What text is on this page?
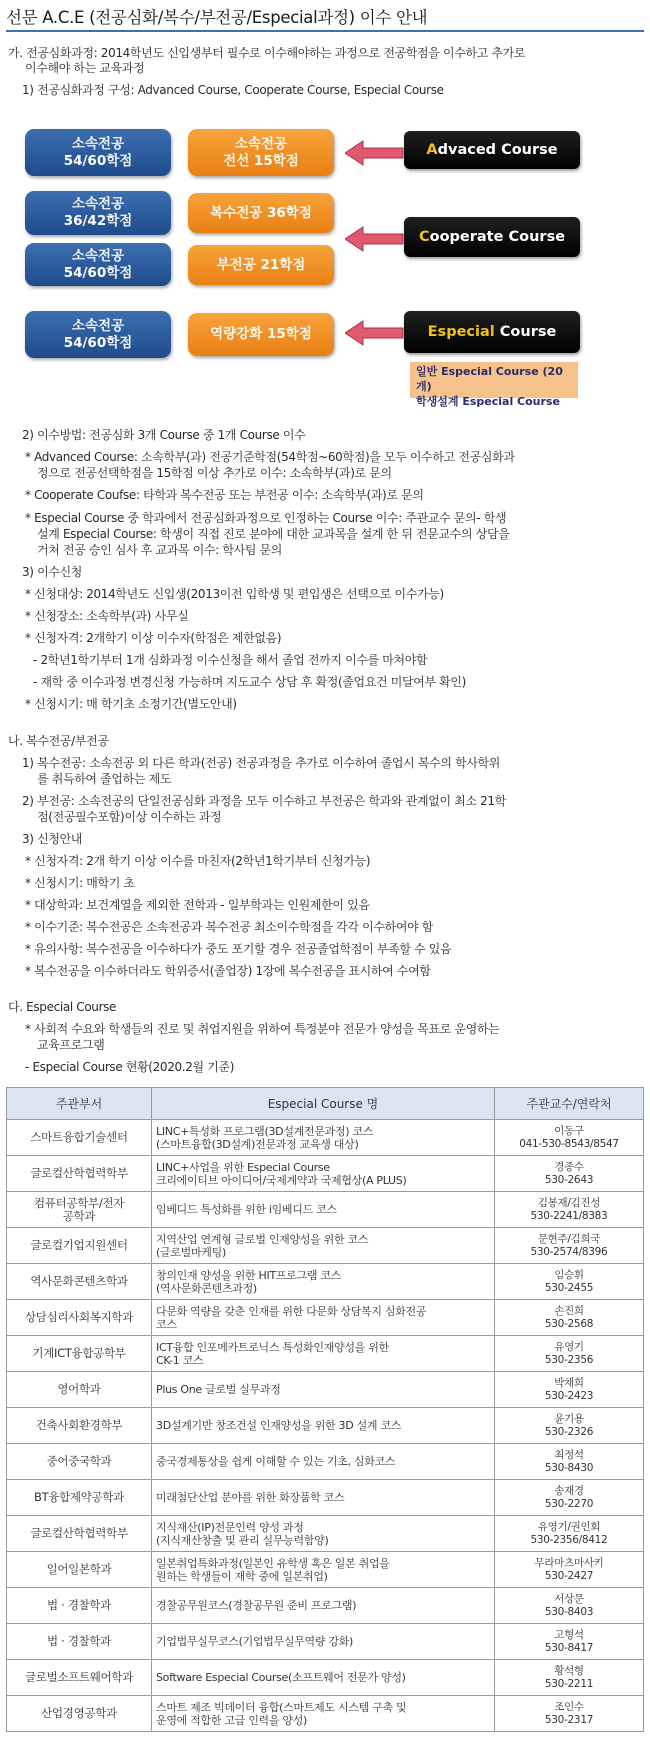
선문 A.C.E (전공심화/복수/부전공/Especial과정) 이수 안내
가. 전공심화과정: 2014학년도 신입생부터 필수로 이수해야하는 과정으로 전공학점을 이수하고 추가로
이수해야 하는 교육과정
1) 전공심화과정 구성: Advanced Course, Cooperate Course, Especial Course
소속전공
54/60학점
소속전공
전선 15학점
Advaced Course
소속전공
36/42학점
복수전공 36학점
소속전공
54/60학점	부전공 21학점
Cooperate Course
소속전공
54/60학점
역량강화 15학점	Especial Course
일반 Especial Course (20개)
학생설계 Especial Course
2) 이수방법: 전공심화 3개 Course 중 1개 Course 이수
* Advanced Course: 소속학부(과) 전공기준학점(54학점~60학점)을 모두 이수하고 전공심화과
정으로 전공선택학점을 15학점 이상 추가로 이수: 소속학부(과)로 문의
* Cooperate Coufse: 타학과 복수전공 또는 부전공 이수: 소속학부(과)로 문의
* Especial Course 중 학과에서 전공심화과정으로 인정하는 Course 이수: 주관교수 문의- 학생
설계 Especial Course: 학생이 직접 진로 분야에 대한 교과목을 설계 한 뒤 전문교수의 상담을
거쳐 전공 승인 심사 후 교과목 이수: 학사팀 문의
3) 이수신청
* 신청대상: 2014학년도 신입생(2013이전 입학생 및 편입생은 선택으로 이수가능)
* 신청장소: 소속학부(과) 사무실
* 신청자격: 2개학기 이상 이수자(학점은 제한없음)
- 2학년1학기부터 1개 심화과정 이수신청을 해서 졸업 전까지 이수를 마쳐야함
- 재학 중 이수과정 변경신청 가능하며 지도교수 상담 후 확정(졸업요건 미달여부 확인)
* 신청시기: 매 학기초 소정기간(별도안내)
나. 복수전공/부전공
1) 복수전공: 소속전공 외 다른 학과(전공) 전공과정을 추가로 이수하여 졸업시 복수의 학사학위
를 취득하여 졸업하는 제도
2) 부전공: 소속전공의 단일전공심화 과정을 모두 이수하고 부전공은 학과와 관계없이 최소 21학
점(전공필수포함)이상 이수하는 과정
3) 신청안내
* 신청자격: 2개 학기 이상 이수를 마친자(2학년1학기부터 신청가능)
* 신청시기: 매학기 초
* 대상학과: 보건계열을 제외한 전학과 - 일부학과는 인원제한이 있음
* 이수기준: 복수전공은 소속전공과 복수전공 최소이수학점을 각각 이수하여야 함
* 유의사항: 복수전공을 이수하다가 중도 포기할 경우 전공졸업학점이 부족할 수 있음
* 복수전공을 이수하더라도 학위증서(졸업장) 1장에 복수전공을 표시하여 수여함
다. Especial Course
* 사회적 수요와 학생들의 진로 및 취업지원을 위하여 특정분야 전문가 양성을 목표로 운영하는
교육프로그램
- Especial Course 현황(2020.2월 기준)
주관부서	Especial Course 명	주관교수/연락처

스마트융합기술센터	LINC+특성화 프로그램(3D설계전문과정) 코스
(스마트융합(3D설계)전문과정 교육생 대상)	이동구
041-530-8543/8547

글로컬산학협력학부	LINC+사업을 위한 Especial Course
크리에이티브 아이디어/국제계약과 국제협상(A PLUS)	경종수
530-2643

컴퓨터공학부/전자
공학과	임베디드 특성화를 위한 i임베디드 코스	김봉재/김진성
530-2241/8383

글로컬기업지원센터	지역산업 연계형 글로벌 인재양성을 위한 코스
(글로벌마케팅)	문현주/김희국
530-2574/8396

역사문화콘텐츠학과	창의인재 양성을 위한 HIT프로그램 코스
(역사문화콘텐츠과정)	임승휘
530-2455

상담심리사회복지학과	다문화 역량을 갖춘 인재를 위한 다문화 상담복지 심화전공
코스	손진희
530-2568

기계ICT융합공학부	ICT융합 인포메카트로닉스 특성화인재양성을 위한
CK-1 코스	유영기
530-2356

영어학과	Plus One 글로벌 실무과정	박채희
530-2423

건축사회환경학부	3D설계기반 창조건설 인재양성을 위한 3D 설계 코스	윤기용
530-2326

중어중국학과	중국경제통상을 쉽게 이해할 수 있는 기초, 심화코스	최정석
530-8430

BT융합제약공학과	미래첨단산업 분야를 위한 화장품학 코스	송재경
530-2270

글로컬산학협력학부	지식재산(IP)전문인력 양성 과정
(지식재산창출 및 관리 실무능력함양)	유영기/권인회
530-2356/8412

일어일본학과	일본취업특화과정(일본인 유학생 혹은 일본 취업을
원하는 학생들이 재학 중에 일본취업)	무라마츠마사키
530-2427

법 · 경찰학과	경찰공무원코스(경찰공무원 준비 프로그램)	서상문
530-8403

법 · 경찰학과	기업법무실무코스(기업법무실무역량 강화)	고형석
530-8417

글로벌소프트웨어학과	Software Especial Course(소프트웨어 전문가 양성)	황석형
530-2211

산업경영공학과	스마트 제조 빅데이터 융합(스마트제도 시스템 구축 및
운영에 적합한 고급 인력을 양성)	조인수
530-2317
